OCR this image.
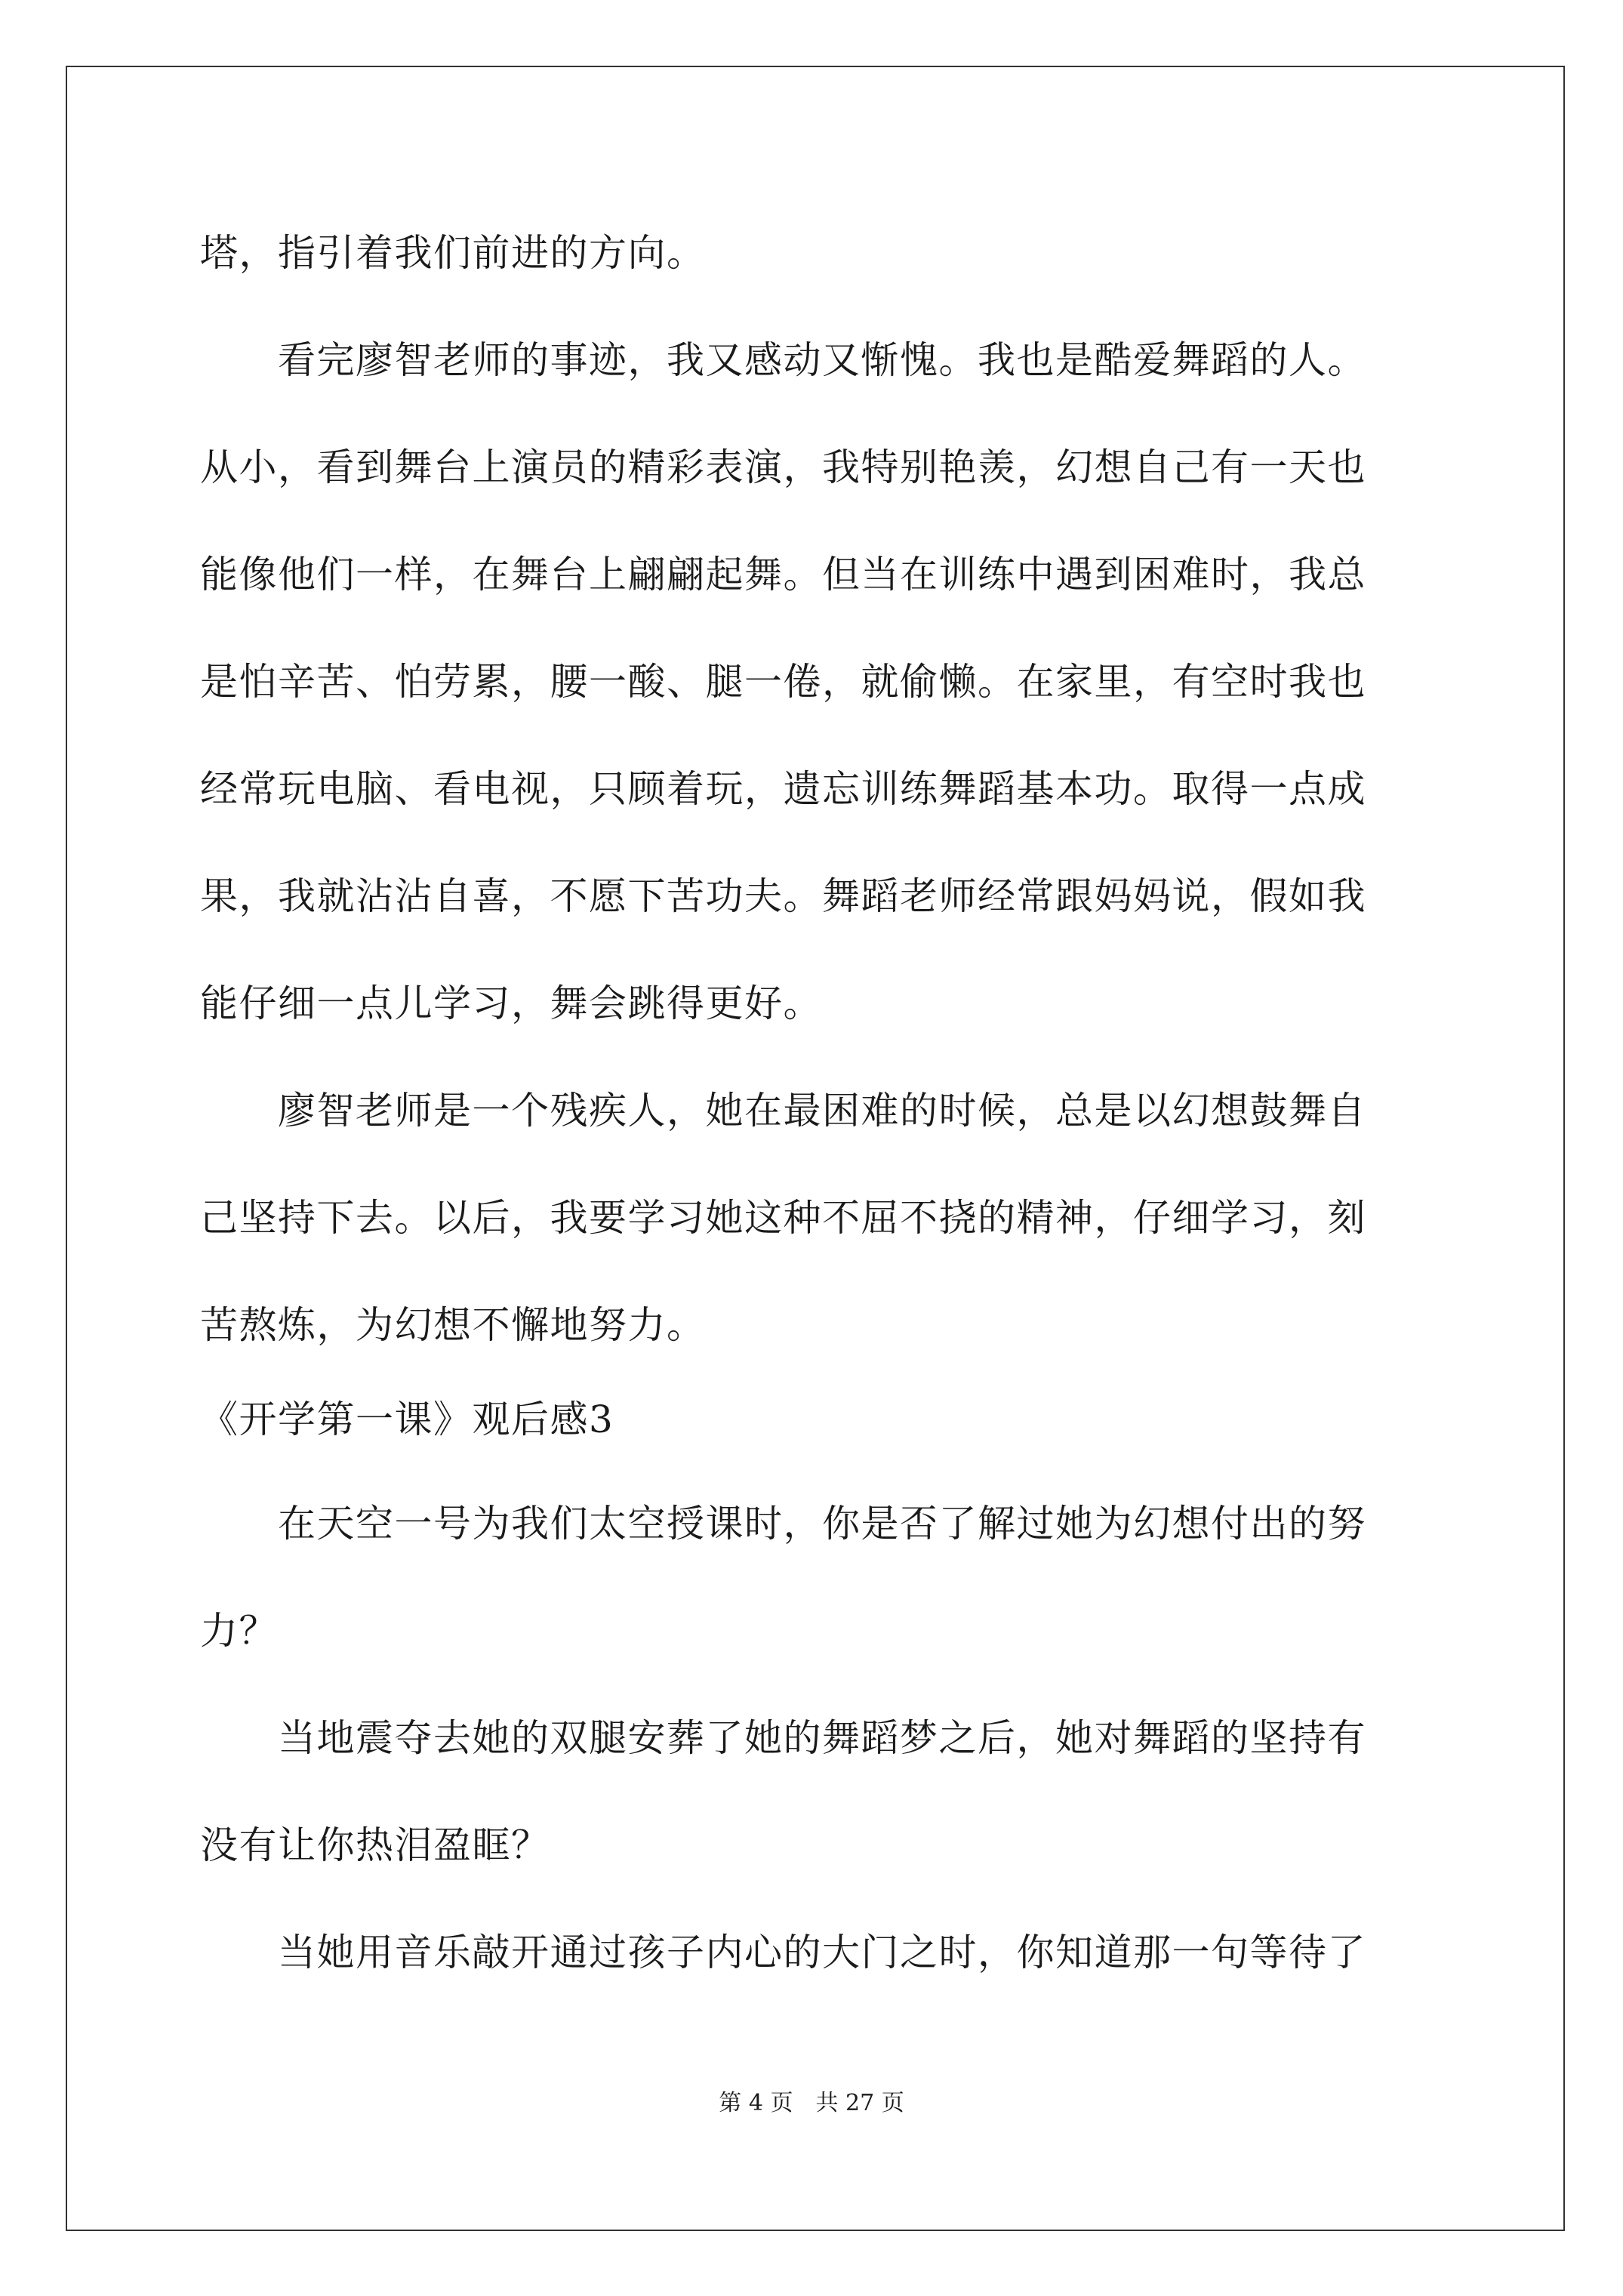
塔，指引着我们前进的方向。
　　看完廖智老师的事迹，我又感动又惭愧。我也是酷爱舞蹈的人。
从小，看到舞台上演员的精彩表演，我特别艳羡，幻想自己有一天也
能像他们一样，在舞台上翩翩起舞。但当在训练中遇到困难时，我总
是怕辛苦、怕劳累，腰一酸、腿一倦，就偷懒。在家里，有空时我也
经常玩电脑、看电视，只顾着玩，遗忘训练舞蹈基本功。取得一点成
果，我就沾沾自喜，不愿下苦功夫。舞蹈老师经常跟妈妈说，假如我
能仔细一点儿学习，舞会跳得更好。
　　廖智老师是一个残疾人，她在最困难的时候，总是以幻想鼓舞自
己坚持下去。以后，我要学习她这种不屈不挠的精神，仔细学习，刻
苦熬炼，为幻想不懈地努力。
《开学第一课》观后感3
　　在天空一号为我们太空授课时，你是否了解过她为幻想付出的努
力？
　　当地震夺去她的双腿安葬了她的舞蹈梦之后，她对舞蹈的坚持有
没有让你热泪盈眶？
　　当她用音乐敲开通过孩子内心的大门之时，你知道那一句等待了
第 4 页　共 27 页
